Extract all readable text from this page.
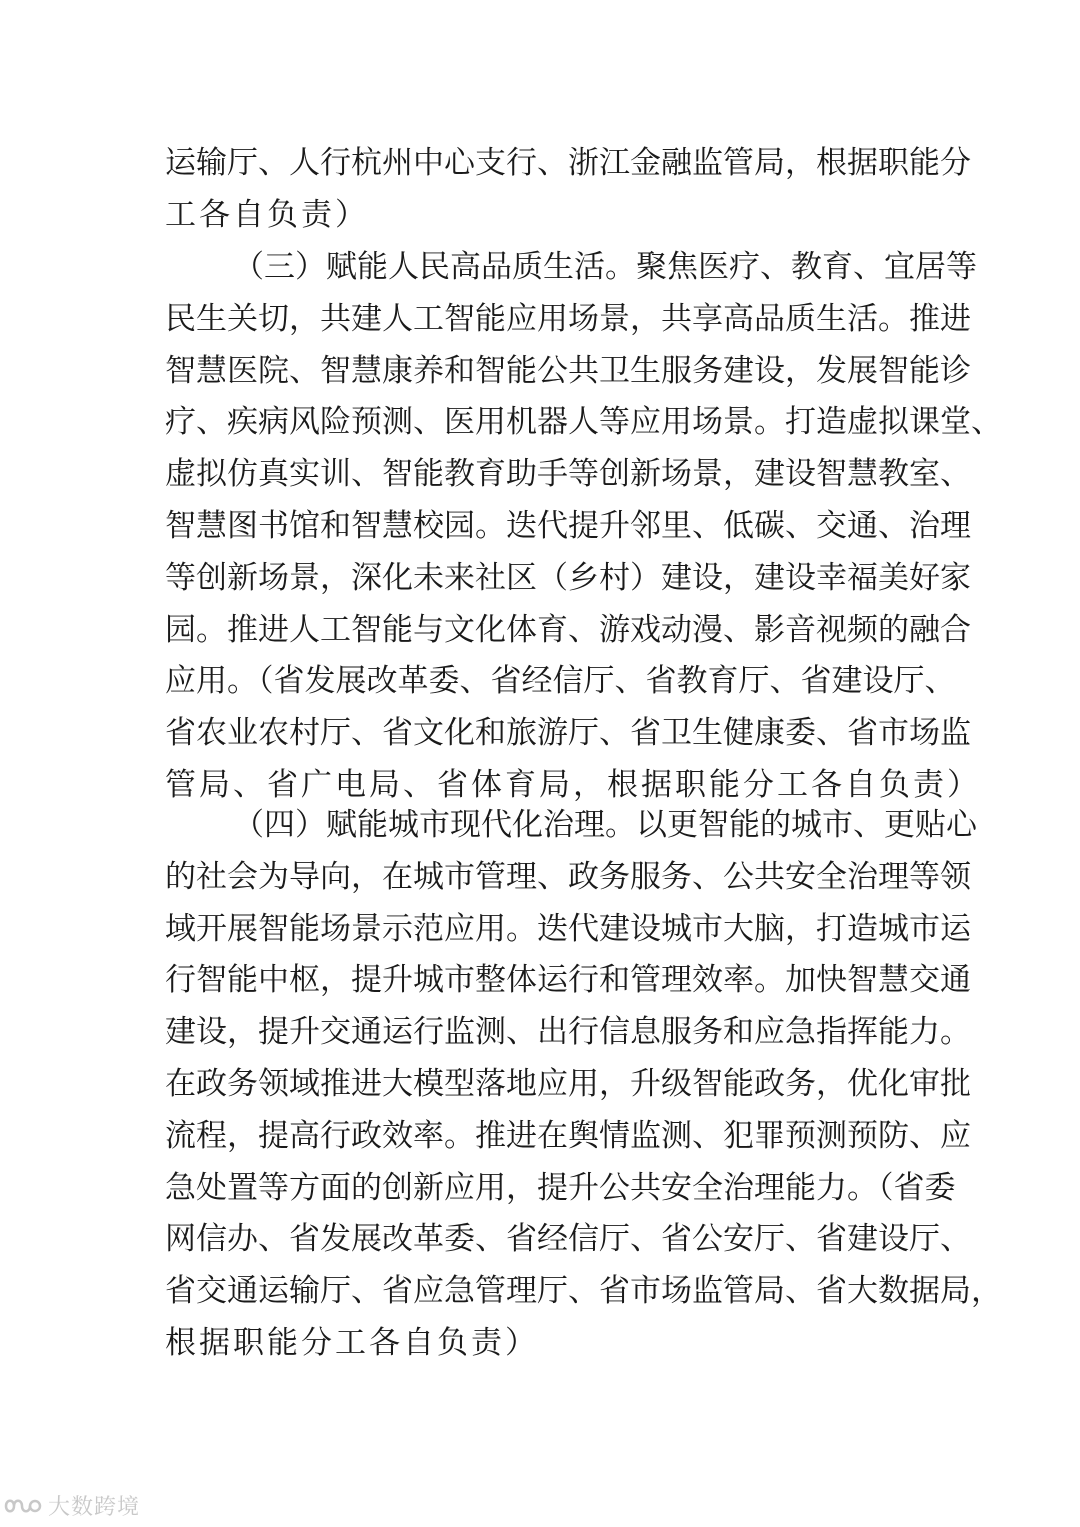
运输厅、人行杭州中心支行、浙江金融监管局，根据职能分
工各自负责）
（三）赋能人民高品质生活。聚焦医疗、教育、宜居等
民生关切，共建人工智能应用场景，共享高品质生活。推进
智慧医院、智慧康养和智能公共卫生服务建设，发展智能诊
疗、疾病风险预测、医用机器人等应用场景。打造虚拟课堂、
虚拟仿真实训、智能教育助手等创新场景，建设智慧教室、
智慧图书馆和智慧校园。迭代提升邻里、低碳、交通、治理
等创新场景，深化未来社区（乡村）建设，建设幸福美好家
园。推进人工智能与文化体育、游戏动漫、影音视频的融合
应用。（省发展改革委、省经信厅、省教育厅、省建设厅、
省农业农村厅、省文化和旅游厅、省卫生健康委、省市场监
管局、省广电局、省体育局，根据职能分工各自负责）
（四）赋能城市现代化治理。以更智能的城市、更贴心
的社会为导向，在城市管理、政务服务、公共安全治理等领
域开展智能场景示范应用。迭代建设城市大脑，打造城市运
行智能中枢，提升城市整体运行和管理效率。加快智慧交通
建设，提升交通运行监测、出行信息服务和应急指挥能力。
在政务领域推进大模型落地应用，升级智能政务，优化审批
流程，提高行政效率。推进在舆情监测、犯罪预测预防、应
急处置等方面的创新应用，提升公共安全治理能力。（省委
网信办、省发展改革委、省经信厅、省公安厅、省建设厅、
省交通运输厅、省应急管理厅、省市场监管局、省大数据局，
根据职能分工各自负责）
大数跨境
